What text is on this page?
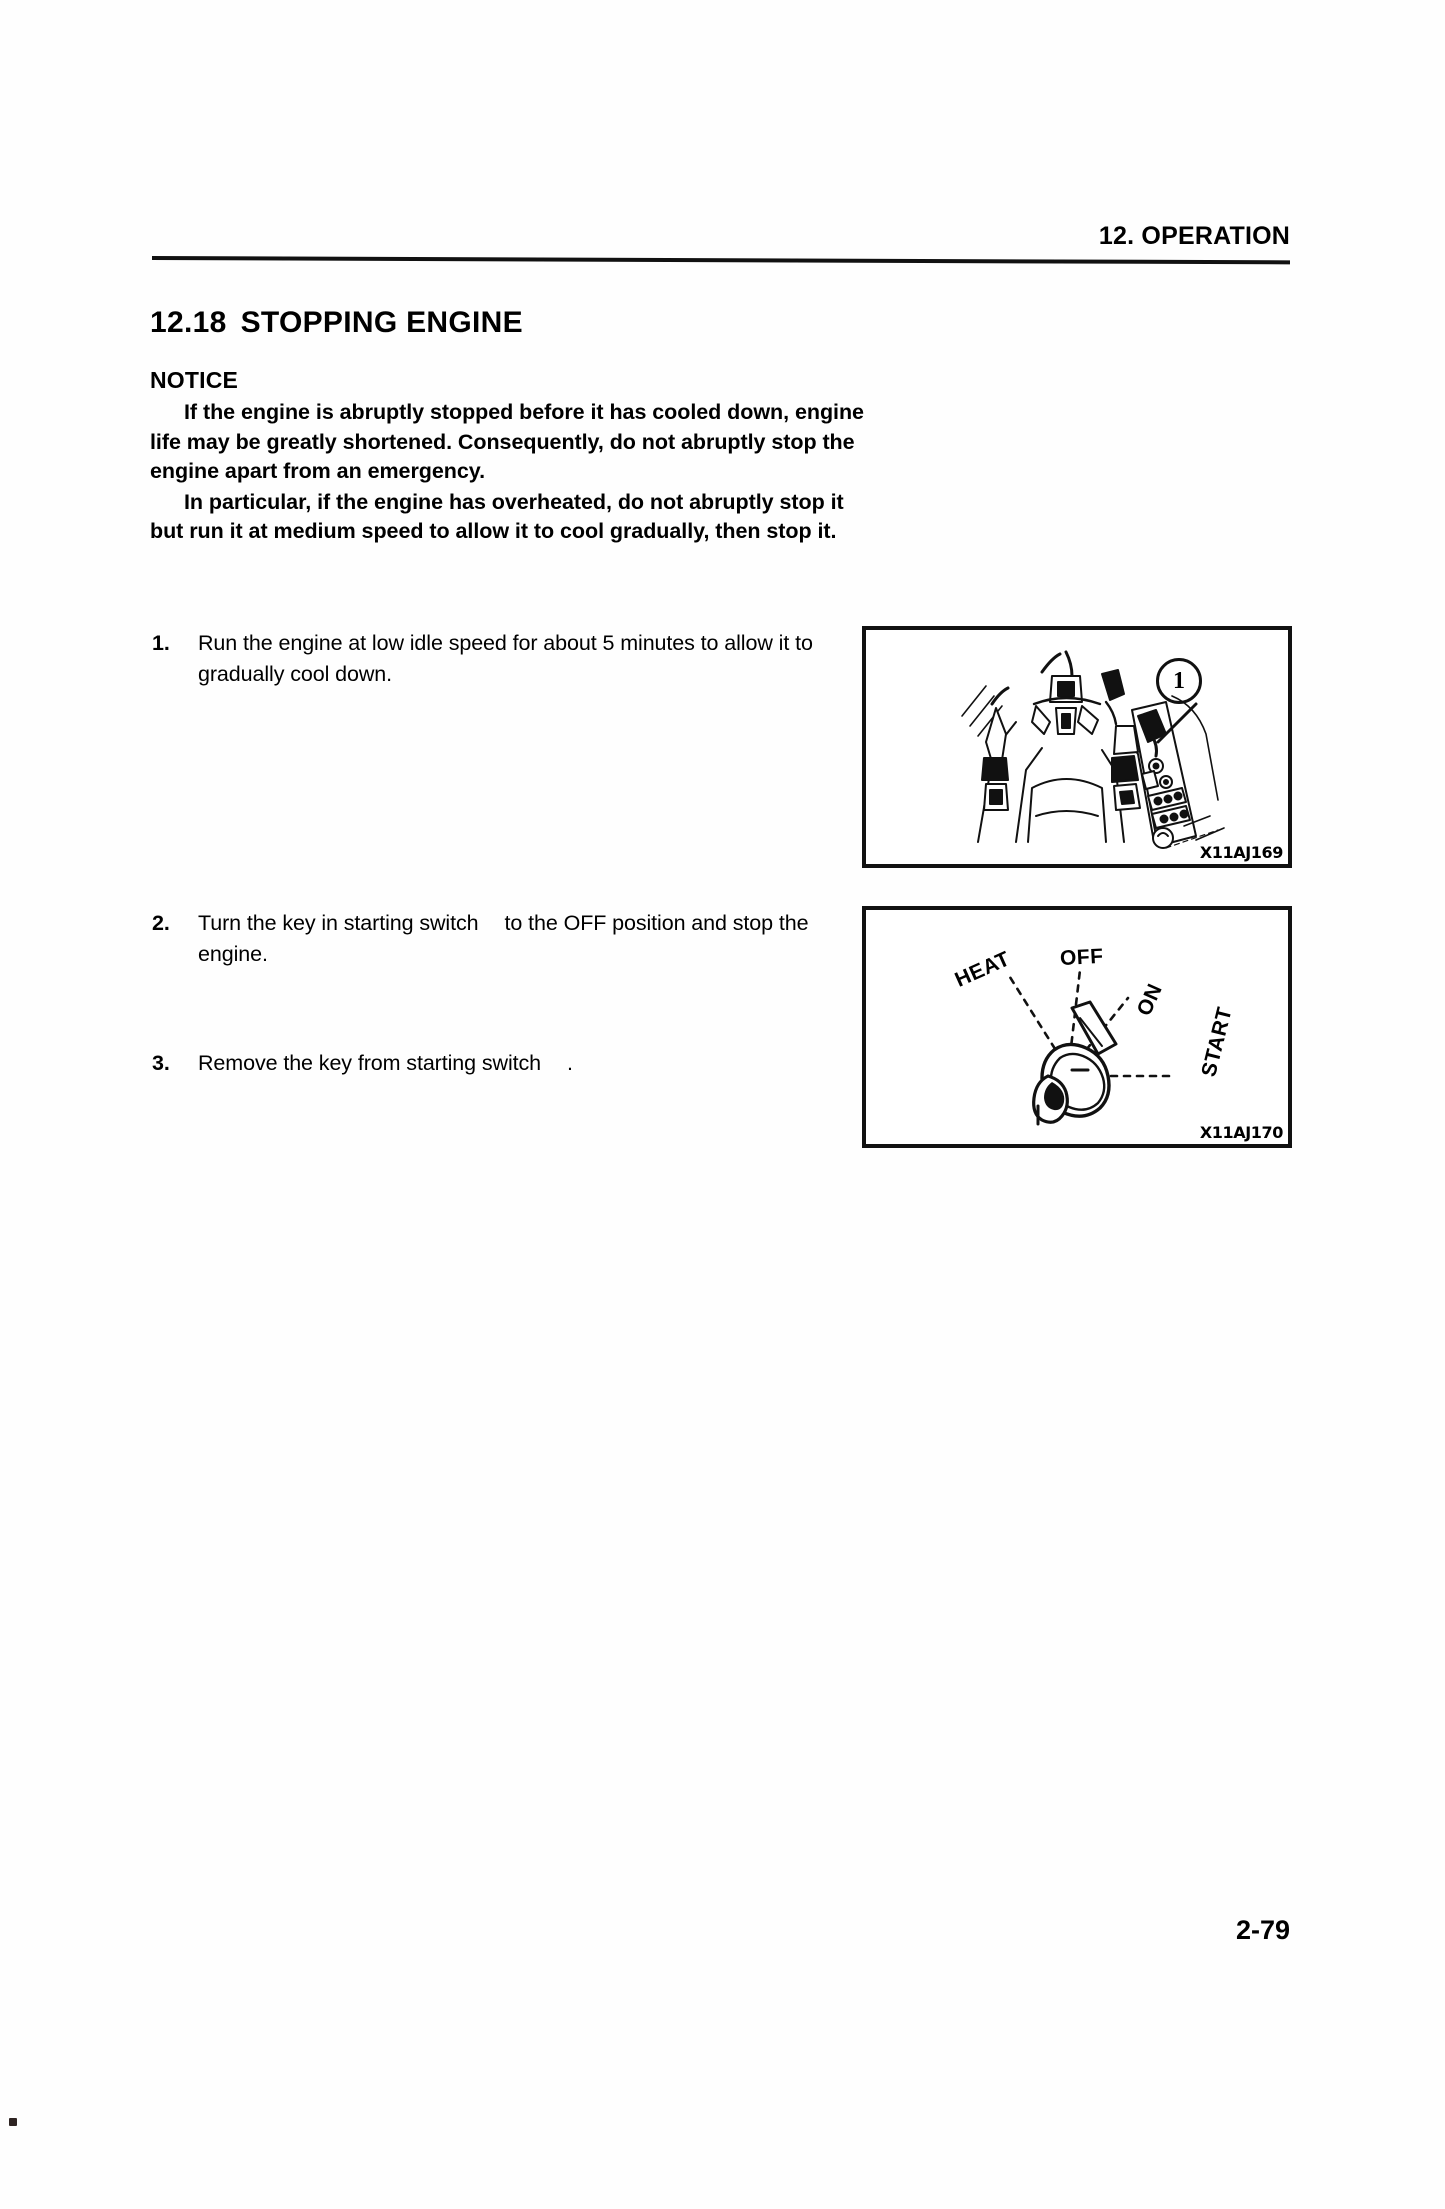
12. OPERATION
12.18 STOPPING ENGINE
NOTICE

If the engine is abruptly stopped before it has cooled down, engine life may be greatly shortened. Consequently, do not abruptly stop the engine apart from an emergency.

In particular, if the engine has overheated, do not abruptly stop it but run it at medium speed to allow it to cool gradually, then stop it.

1.	Run the engine at low idle speed for about 5 minutes to allow it to gradually cool down.
2.	Turn the key in starting switch to the OFF position and stop the engine.
3.	Remove the key from starting switch .
1
X11AJ169
HEAT OFF
ON
START
X11AJ170
2-79
